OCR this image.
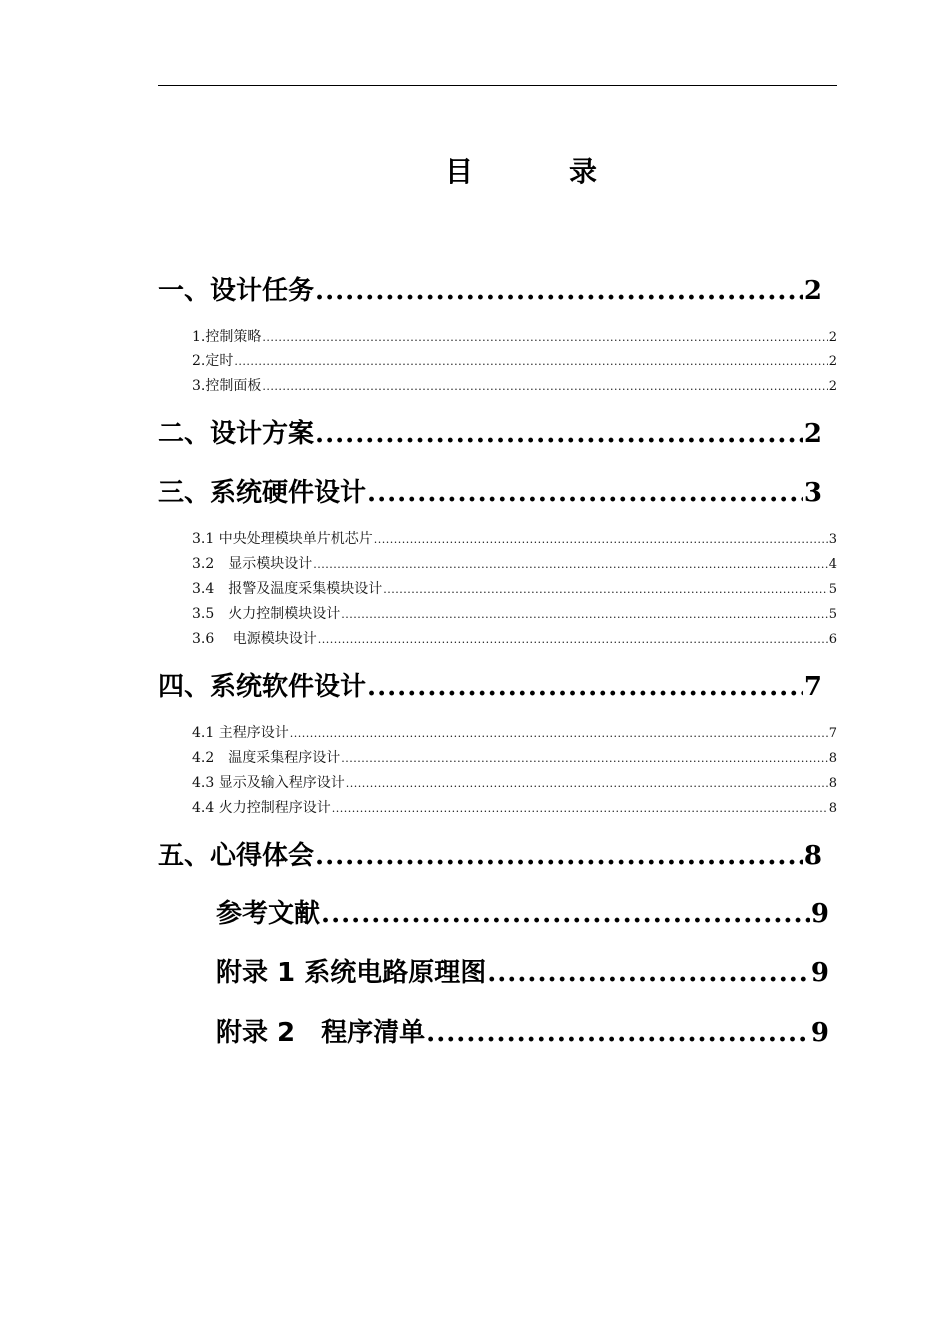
目录
一、设计任务 .....	2
1.控制策略 .....	2
2.定时 .....	2
3.控制面板 .....	2
二、设计方案 .....	2
三、系统硬件设计 .....	3
3.1 中央处理模块单片机芯片 .....	3
3.2　显示模块设计 .....	4
3.4　报警及温度采集模块设计 .....	5
3.5　火力控制模块设计 .....	5
3.6　 电源模块设计 .....	6
四、系统软件设计 .....	7
4.1 主程序设计 .....	7
4.2　温度采集程序设计 .....	8
4.3 显示及输入程序设计 .....	8
4.4 火力控制程序设计 .....	8
五、心得体会 .....	8
参考文献 .....	9
附录 1 系统电路原理图 .....	9
附录 2　程序清单 .....	9
